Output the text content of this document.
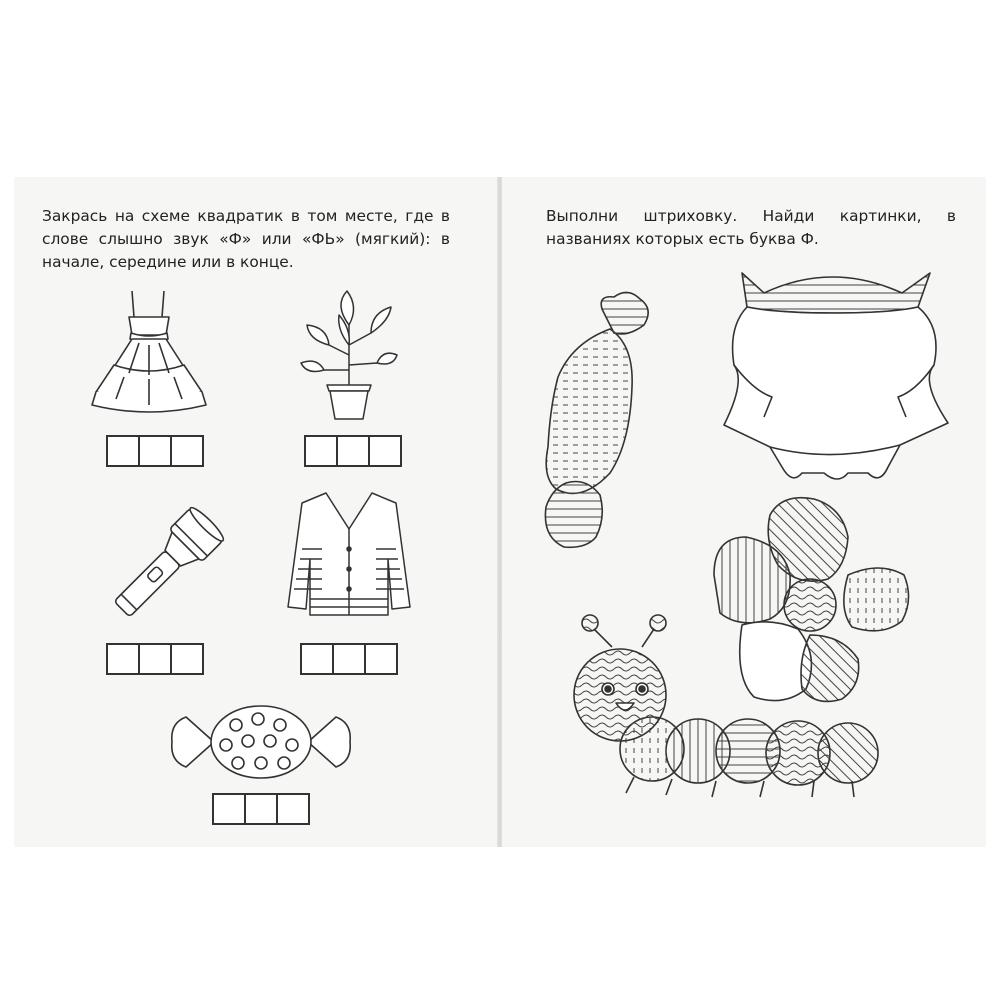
Закрась на схеме квадратик в том месте, где в слове слышно звук «Ф» или «ФЬ» (мягкий): в начале, середине или в конце.

Выполни штриховку. Найди картинки, в названиях которых есть буква Ф.
